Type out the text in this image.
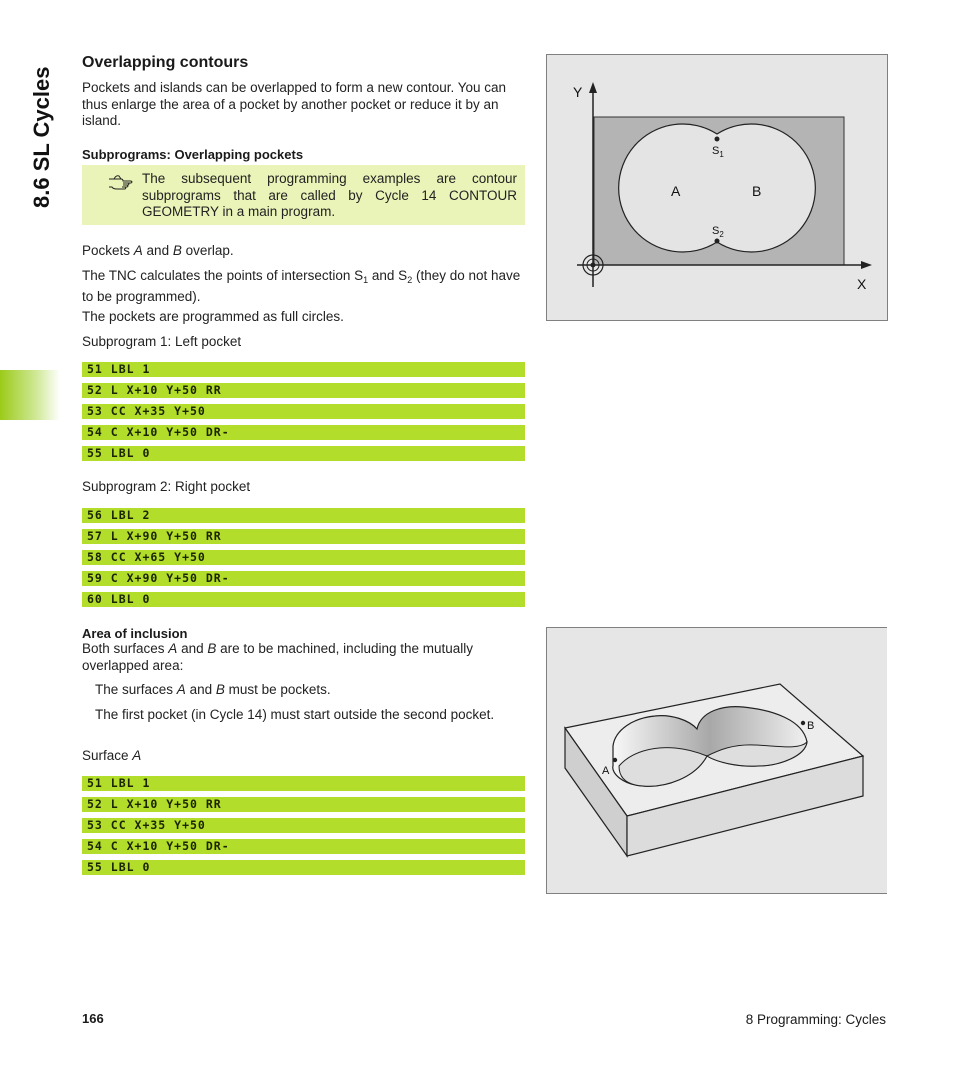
8.6 SL Cycles
Overlapping contours
Pockets and islands can be overlapped to form a new contour. You can thus enlarge the area of a pocket by another pocket or reduce it by an island.
Subprograms: Overlapping pockets
The subsequent programming examples are contour subprograms that are called by Cycle 14 CONTOUR GEOMETRY in a main program.
Pockets A and B overlap.
The TNC calculates the points of intersection $S_1$ and $S_2$ (they do not have to be programmed).
The pockets are programmed as full circles.
Subprogram 1: Left pocket
51 LBL 1
52 L X+10 Y+50 RR
53 CC X+35 Y+50
54 C X+10 Y+50 DR-
55 LBL 0
Subprogram 2: Right pocket
56 LBL 2
57 L X+90 Y+50 RR
58 CC X+65 Y+50
59 C X+90 Y+50 DR-
60 LBL 0
Area of inclusion
Both surfaces A and B are to be machined, including the mutually overlapped area:
The surfaces A and B must be pockets.
The first pocket (in Cycle 14) must start outside the second pocket.
Surface A
51 LBL 1
52 L X+10 Y+50 RR
53 CC X+35 Y+50
54 C X+10 Y+50 DR-
55 LBL 0
Y
X
A	B
$S_1$
$S_2$
B
A
166	8 Programming: Cycles
